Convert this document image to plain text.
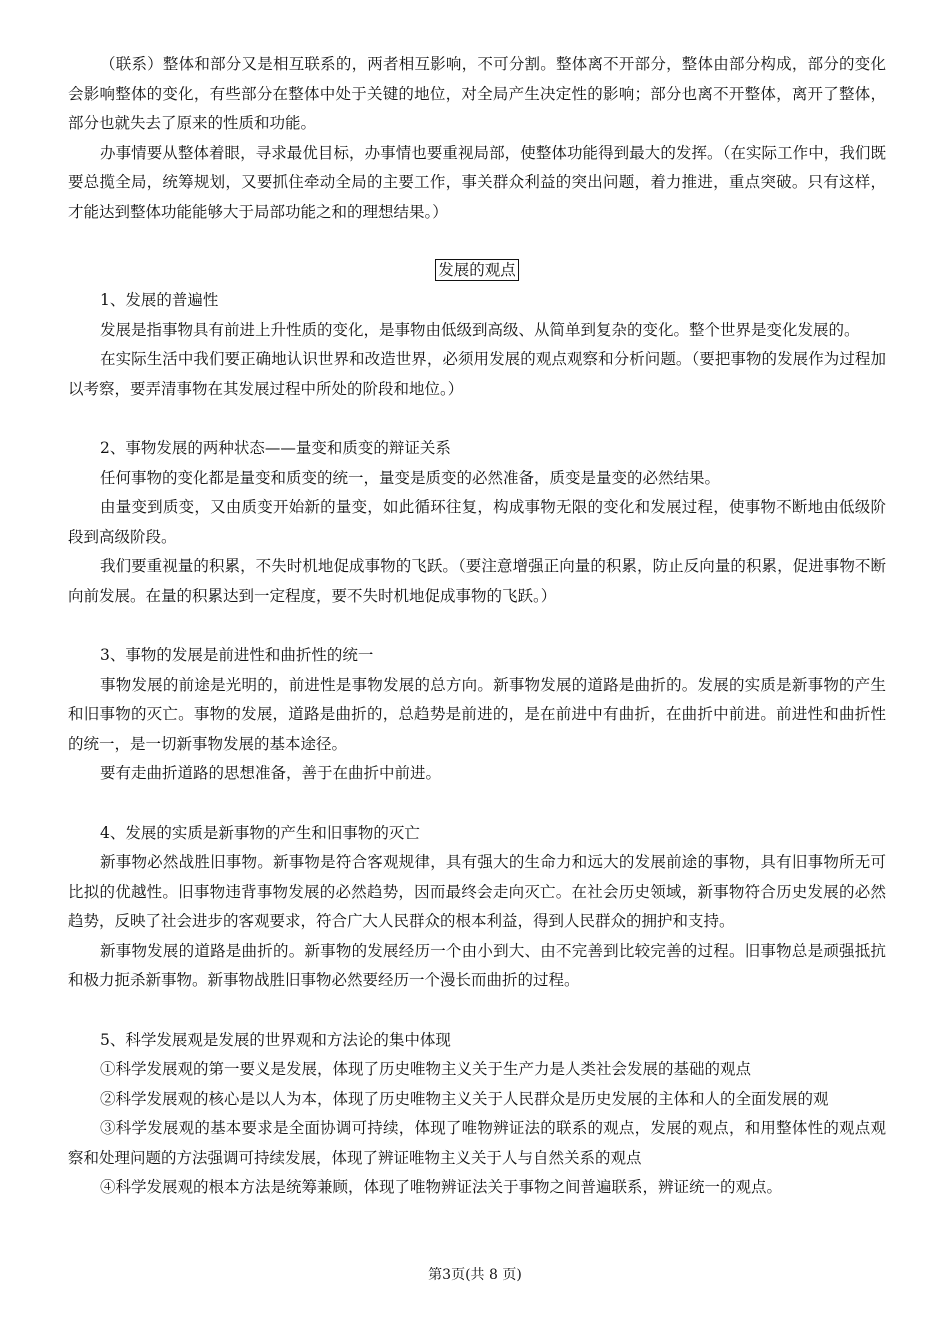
（联系）整体和部分又是相互联系的，两者相互影响，不可分割。整体离不开部分，整体由部分构成，部分的变化会影响整体的变化，有些部分在整体中处于关键的地位，对全局产生决定性的影响；部分也离不开整体，离开了整体，部分也就失去了原来的性质和功能。

办事情要从整体着眼，寻求最优目标，办事情也要重视局部，使整体功能得到最大的发挥。（在实际工作中，我们既要总揽全局，统筹规划，又要抓住牵动全局的主要工作，事关群众利益的突出问题，着力推进，重点突破。只有这样，才能达到整体功能能够大于局部功能之和的理想结果。）

发展的观点

1、发展的普遍性

发展是指事物具有前进上升性质的变化，是事物由低级到高级、从简单到复杂的变化。整个世界是变化发展的。

在实际生活中我们要正确地认识世界和改造世界，必须用发展的观点观察和分析问题。（要把事物的发展作为过程加以考察，要弄清事物在其发展过程中所处的阶段和地位。）

2、事物发展的两种状态——量变和质变的辩证关系

任何事物的变化都是量变和质变的统一，量变是质变的必然准备，质变是量变的必然结果。

由量变到质变，又由质变开始新的量变，如此循环往复，构成事物无限的变化和发展过程，使事物不断地由低级阶段到高级阶段。

我们要重视量的积累，不失时机地促成事物的飞跃。（要注意增强正向量的积累，防止反向量的积累，促进事物不断向前发展。在量的积累达到一定程度，要不失时机地促成事物的飞跃。）

3、事物的发展是前进性和曲折性的统一

事物发展的前途是光明的，前进性是事物发展的总方向。新事物发展的道路是曲折的。发展的实质是新事物的产生和旧事物的灭亡。事物的发展，道路是曲折的，总趋势是前进的，是在前进中有曲折，在曲折中前进。前进性和曲折性的统一，是一切新事物发展的基本途径。

要有走曲折道路的思想准备，善于在曲折中前进。

4、发展的实质是新事物的产生和旧事物的灭亡

新事物必然战胜旧事物。新事物是符合客观规律，具有强大的生命力和远大的发展前途的事物，具有旧事物所无可比拟的优越性。旧事物违背事物发展的必然趋势，因而最终会走向灭亡。在社会历史领域，新事物符合历史发展的必然趋势，反映了社会进步的客观要求，符合广大人民群众的根本利益，得到人民群众的拥护和支持。

新事物发展的道路是曲折的。新事物的发展经历一个由小到大、由不完善到比较完善的过程。旧事物总是顽强抵抗和极力扼杀新事物。新事物战胜旧事物必然要经历一个漫长而曲折的过程。

5、科学发展观是发展的世界观和方法论的集中体现

①科学发展观的第一要义是发展，体现了历史唯物主义关于生产力是人类社会发展的基础的观点

②科学发展观的核心是以人为本，体现了历史唯物主义关于人民群众是历史发展的主体和人的全面发展的观

③科学发展观的基本要求是全面协调可持续，体现了唯物辨证法的联系的观点，发展的观点，和用整体性的观点观察和处理问题的方法强调可持续发展，体现了辨证唯物主义关于人与自然关系的观点

④科学发展观的根本方法是统筹兼顾，体现了唯物辨证法关于事物之间普遍联系，辨证统一的观点。

第3页(共 8 页)
